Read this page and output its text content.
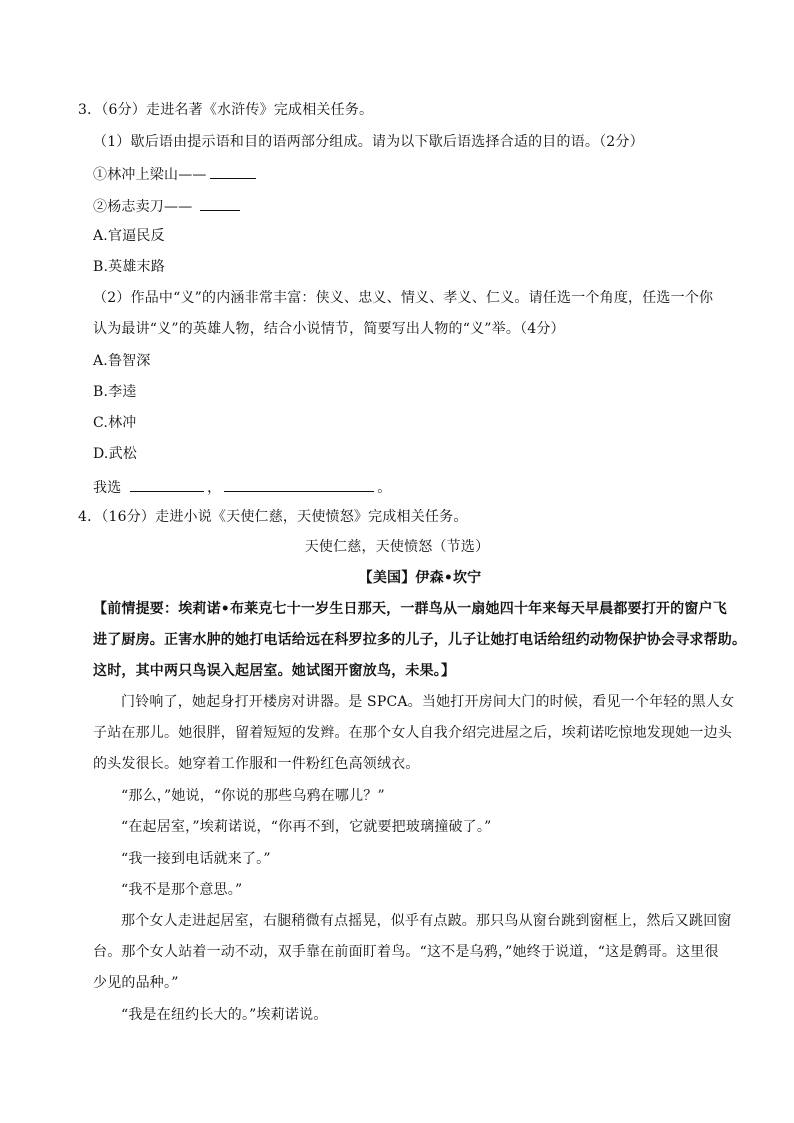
3．（6分）走进名著《水浒传》完成相关任务。
（1）歇后语由提示语和目的语两部分组成。请为以下歇后语选择合适的目的语。（2分）
①林冲上梁山——
②杨志卖刀——
A.官逼民反
B.英雄末路
（2）作品中“义”的内涵非常丰富：侠义、忠义、情义、孝义、仁义。请任选一个角度，任选一个你
认为最讲“义”的英雄人物，结合小说情节，简要写出人物的“义”举。（4分）
A.鲁智深
B.李逵
C.林冲
D.武松
我选	，	。
4．（16分）走进小说《天使仁慈，天使愤怒》完成相关任务。
天使仁慈，天使愤怒（节选）
【美国】伊森•坎宁
【前情提要：埃莉诺•布莱克七十一岁生日那天，一群鸟从一扇她四十年来每天早晨都要打开的窗户飞
进了厨房。正害水肿的她打电话给远在科罗拉多的儿子，儿子让她打电话给纽约动物保护协会寻求帮助。
这时，其中两只鸟误入起居室。她试图开窗放鸟，未果。】
门铃响了，她起身打开楼房对讲器。是 SPCA。当她打开房间大门的时候，看见一个年轻的黑人女
子站在那儿。她很胖，留着短短的发辫。在那个女人自我介绍完进屋之后，埃莉诺吃惊地发现她一边头
的头发很长。她穿着工作服和一件粉红色高领绒衣。
“那么，”她说，“你说的那些乌鸦在哪儿？”
“在起居室，”埃莉诺说，“你再不到，它就要把玻璃撞破了。”
“我一接到电话就来了。”
“我不是那个意思。”
那个女人走进起居室，右腿稍微有点摇晃，似乎有点跛。那只鸟从窗台跳到窗框上，然后又跳回窗
台。那个女人站着一动不动，双手靠在前面盯着鸟。“这不是乌鸦，”她终于说道，“这是鹩哥。这里很
少见的品种。”
“我是在纽约长大的。”埃莉诺说。
